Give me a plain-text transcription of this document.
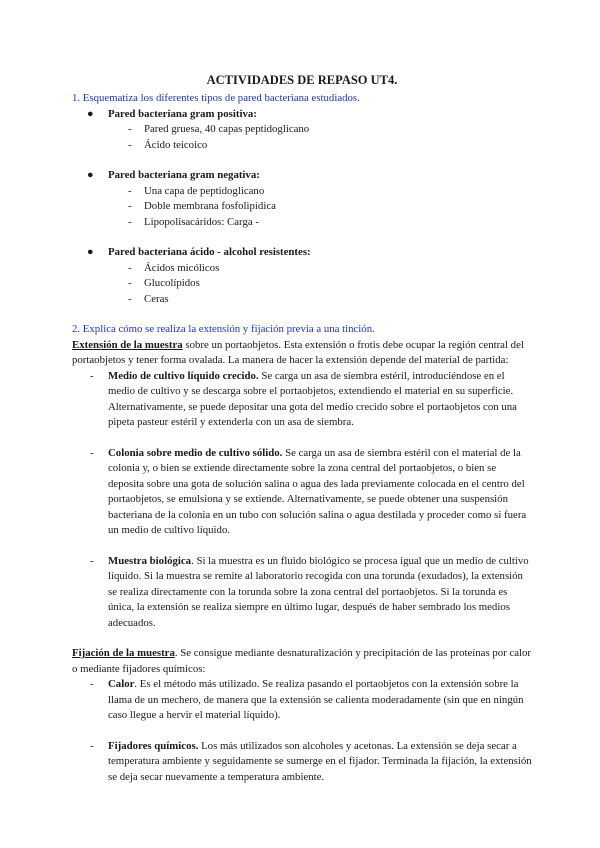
ACTIVIDADES DE REPASO UT4.
1. Esquematiza los diferentes tipos de pared bacteriana estudiados.
● Pared bacteriana gram positiva:
- Pared gruesa, 40 capas peptidoglicano
- Ácido teicoico
● Pared bacteriana gram negativa:
- Una capa de peptidoglicano
- Doble membrana fosfolipídica
- Lipopolisacáridos: Carga -
● Pared bacteriana ácido - alcohol resistentes:
- Ácidos micólicos
- Glucolípidos
- Ceras
2. Explica cómo se realiza la extensión y fijación previa a una tinción.

Extensión de la muestra sobre un portaobjetos. Esta extensión o frotis debe ocupar la región central del portaobjetos y tener forma ovalada. La manera de hacer la extensión depende del material de partida:

- Medio de cultivo líquido crecido. Se carga un asa de siembra estéril, introduciéndose en el medio de cultivo y se descarga sobre el portaobjetos, extendiendo el material en su superficie. Alternativamente, se puede depositar una gota del medio crecido sobre el portaobjetos con una pipeta pasteur estéril y extenderla con un asa de siembra.
- Colonia sobre medio de cultivo sólido. Se carga un asa de siembra estéril con el material de la colonia y, o bien se extiende directamente sobre la zona central del portaobjetos, o bien se deposita sobre una gota de solución salina o agua des lada previamente colocada en el centro del portaobjetos, se emulsiona y se extiende. Alternativamente, se puede obtener una suspensión bacteriana de la colonia en un tubo con solución salina o agua destilada y proceder como si fuera un medio de cultivo líquido.
- Muestra biológica. Si la muestra es un fluido biológico se procesa igual que un medio de cultivo líquido. Si la muestra se remite al laboratorio recogida con una torunda (exudados), la extensión se realiza directamente con la torunda sobre la zona central del portaobjetos. Si la torunda es única, la extensión se realiza siempre en último lugar, después de haber sembrado los medios adecuados.

Fijación de la muestra. Se consigue mediante desnaturalización y precipitación de las proteínas por calor o mediante fijadores químicos:

- Calor. Es el método más utilizado. Se realiza pasando el portaobjetos con la extensión sobre la llama de un mechero, de manera que la extensión se calienta moderadamente (sin que en ningún caso llegue a hervir el material líquido).
- Fijadores químicos. Los más utilizados son alcoholes y acetonas. La extensión se deja secar a temperatura ambiente y seguidamente se sumerge en el fijador. Terminada la fijación, la extensión se deja secar nuevamente a temperatura ambiente.
